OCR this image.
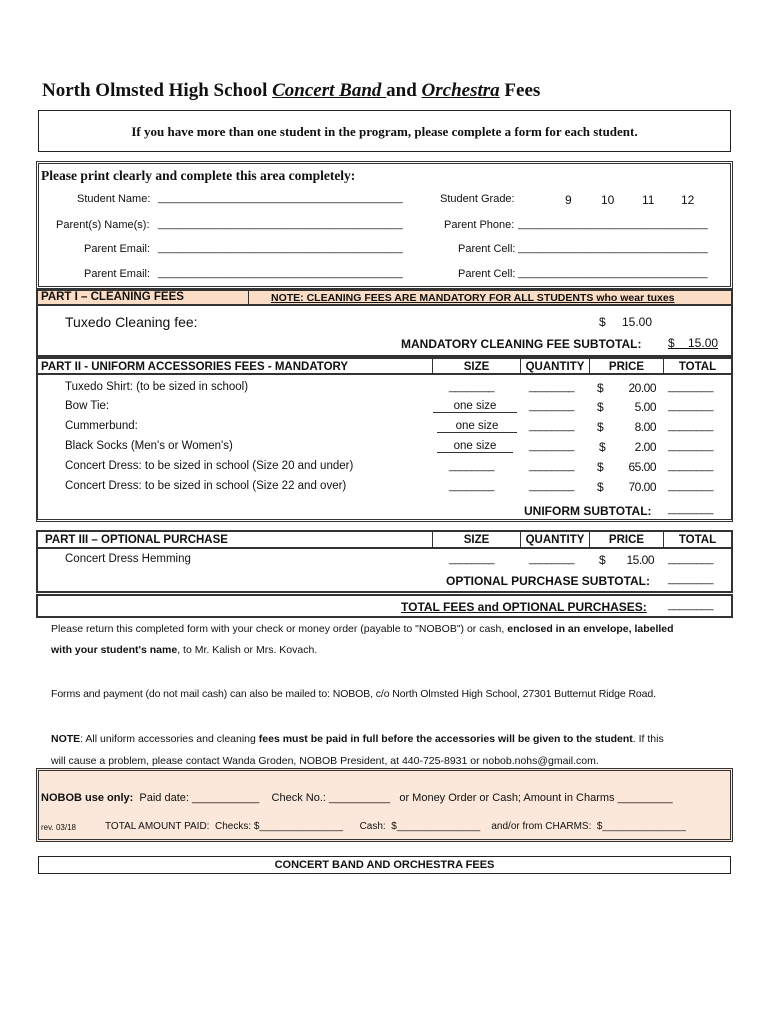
North Olmsted High School Concert Band and Orchestra Fees
If you have more than one student in the program, please complete a form for each student.
Please print clearly and complete this area completely:
Student Name: ________________________________________	Student Grade:	9 10 11 12
Parent(s) Name(s): ________________________________________	Parent Phone: _______________________________
Parent Email: ________________________________________	Parent Cell: _______________________________
Parent Email: ________________________________________	Parent Cell: _______________________________
PART I – CLEANING FEES	NOTE: CLEANING FEES ARE MANDATORY FOR ALL STUDENTS who wear tuxes
Tuxedo Cleaning fee:	$ 15.00
MANDATORY CLEANING FEE SUBTOTAL: $    15.00
PART II - UNIFORM ACCESSORIES FEES - MANDATORY	SIZE	QUANTITY	PRICE	TOTAL
Tuxedo Shirt: (to be sized in school)	________	________ $	20.00 ________
Bow Tie:	one size	________ $	5.00 ________
Cummerbund:	one size	________ $	8.00 ________
Black Socks (Men's or Women's)	one size	________ $	2.00 ________
Concert Dress: to be sized in school (Size 20 and under)	________	________ $	65.00 ________
Concert Dress: to be sized in school (Size 22 and over)	________	________ $	70.00 ________
UNIFORM SUBTOTAL: ________
PART III – OPTIONAL PURCHASE	SIZE	QUANTITY	PRICE	TOTAL
Concert Dress Hemming	________	________ $	15.00 ________
OPTIONAL PURCHASE SUBTOTAL: ________
TOTAL FEES and OPTIONAL PURCHASES: ________
Please return this completed form with your check or money order (payable to "NOBOB") or cash, enclosed in an envelope, labelled
with your student's name, to Mr. Kalish or Mrs. Kovach.
Forms and payment (do not mail cash) can also be mailed to: NOBOB, c/o North Olmsted High School, 27301 Butternut Ridge Road.
NOTE: All uniform accessories and cleaning fees must be paid in full before the accessories will be given to the student. If this
will cause a problem, please contact Wanda Groden, NOBOB President, at 440-725-8931 or nobob.nohs@gmail.com.
NOBOB use only:  Paid date: ___________    Check No.: __________   or Money Order or Cash; Amount in Charms _________
rev. 03/18	TOTAL AMOUNT PAID:  Checks: $_______________      Cash:  $_______________    and/or from CHARMS:  $_______________
CONCERT BAND AND ORCHESTRA FEES
